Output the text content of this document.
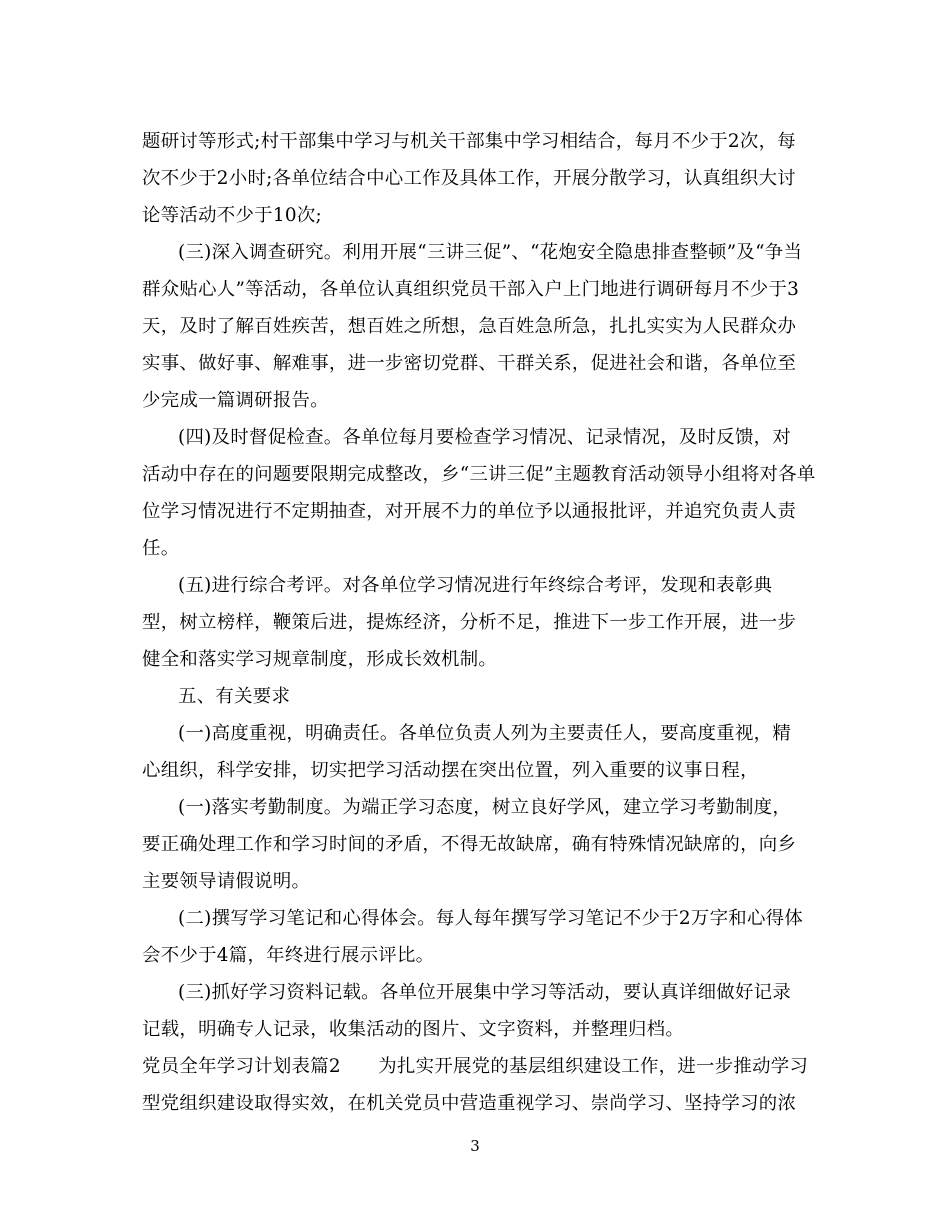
题研讨等形式;村干部集中学习与机关干部集中学习相结合，每月不少于2次，每
次不少于2小时;各单位结合中心工作及具体工作，开展分散学习，认真组织大讨
论等活动不少于10次;
(三)深入调查研究。利用开展“三讲三促”、“花炮安全隐患排查整顿”及“争当
群众贴心人”等活动，各单位认真组织党员干部入户上门地进行调研每月不少于3
天，及时了解百姓疾苦，想百姓之所想，急百姓急所急，扎扎实实为人民群众办
实事、做好事、解难事，进一步密切党群、干群关系，促进社会和谐，各单位至
少完成一篇调研报告。
(四)及时督促检查。各单位每月要检查学习情况、记录情况，及时反馈，对
活动中存在的问题要限期完成整改，乡“三讲三促”主题教育活动领导小组将对各单
位学习情况进行不定期抽查，对开展不力的单位予以通报批评，并追究负责人责
任。
(五)进行综合考评。对各单位学习情况进行年终综合考评，发现和表彰典
型，树立榜样，鞭策后进，提炼经济，分析不足，推进下一步工作开展，进一步
健全和落实学习规章制度，形成长效机制。
五、有关要求
(一)高度重视，明确责任。各单位负责人列为主要责任人，要高度重视，精
心组织，科学安排，切实把学习活动摆在突出位置，列入重要的议事日程，
(一)落实考勤制度。为端正学习态度，树立良好学风，建立学习考勤制度，
要正确处理工作和学习时间的矛盾，不得无故缺席，确有特殊情况缺席的，向乡
主要领导请假说明。
(二)撰写学习笔记和心得体会。每人每年撰写学习笔记不少于2万字和心得体
会不少于4篇，年终进行展示评比。
(三)抓好学习资料记载。各单位开展集中学习等活动，要认真详细做好记录
记载，明确专人记录，收集活动的图片、文字资料，并整理归档。
党员全年学习计划表篇2　　为扎实开展党的基层组织建设工作，进一步推动学习
型党组织建设取得实效，在机关党员中营造重视学习、崇尚学习、坚持学习的浓
3
